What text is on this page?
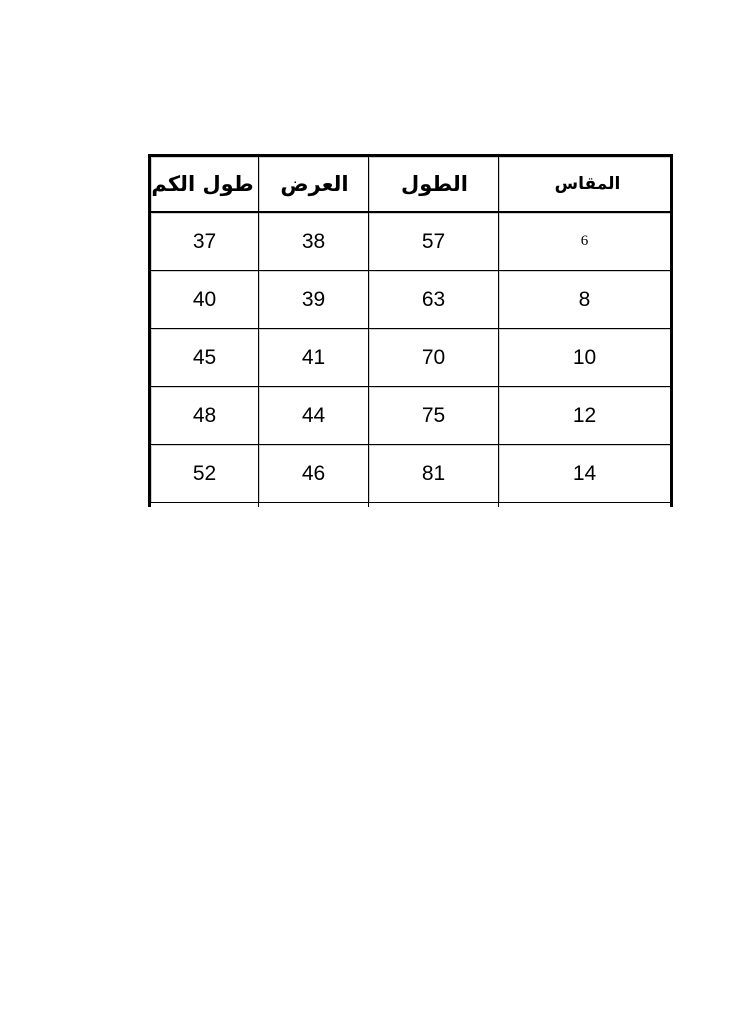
طول الكم	العرض	الطول	المقاس
37	38	57	6
40	39	63	8
45	41	70	10
48	44	75	12
52	46	81	14
